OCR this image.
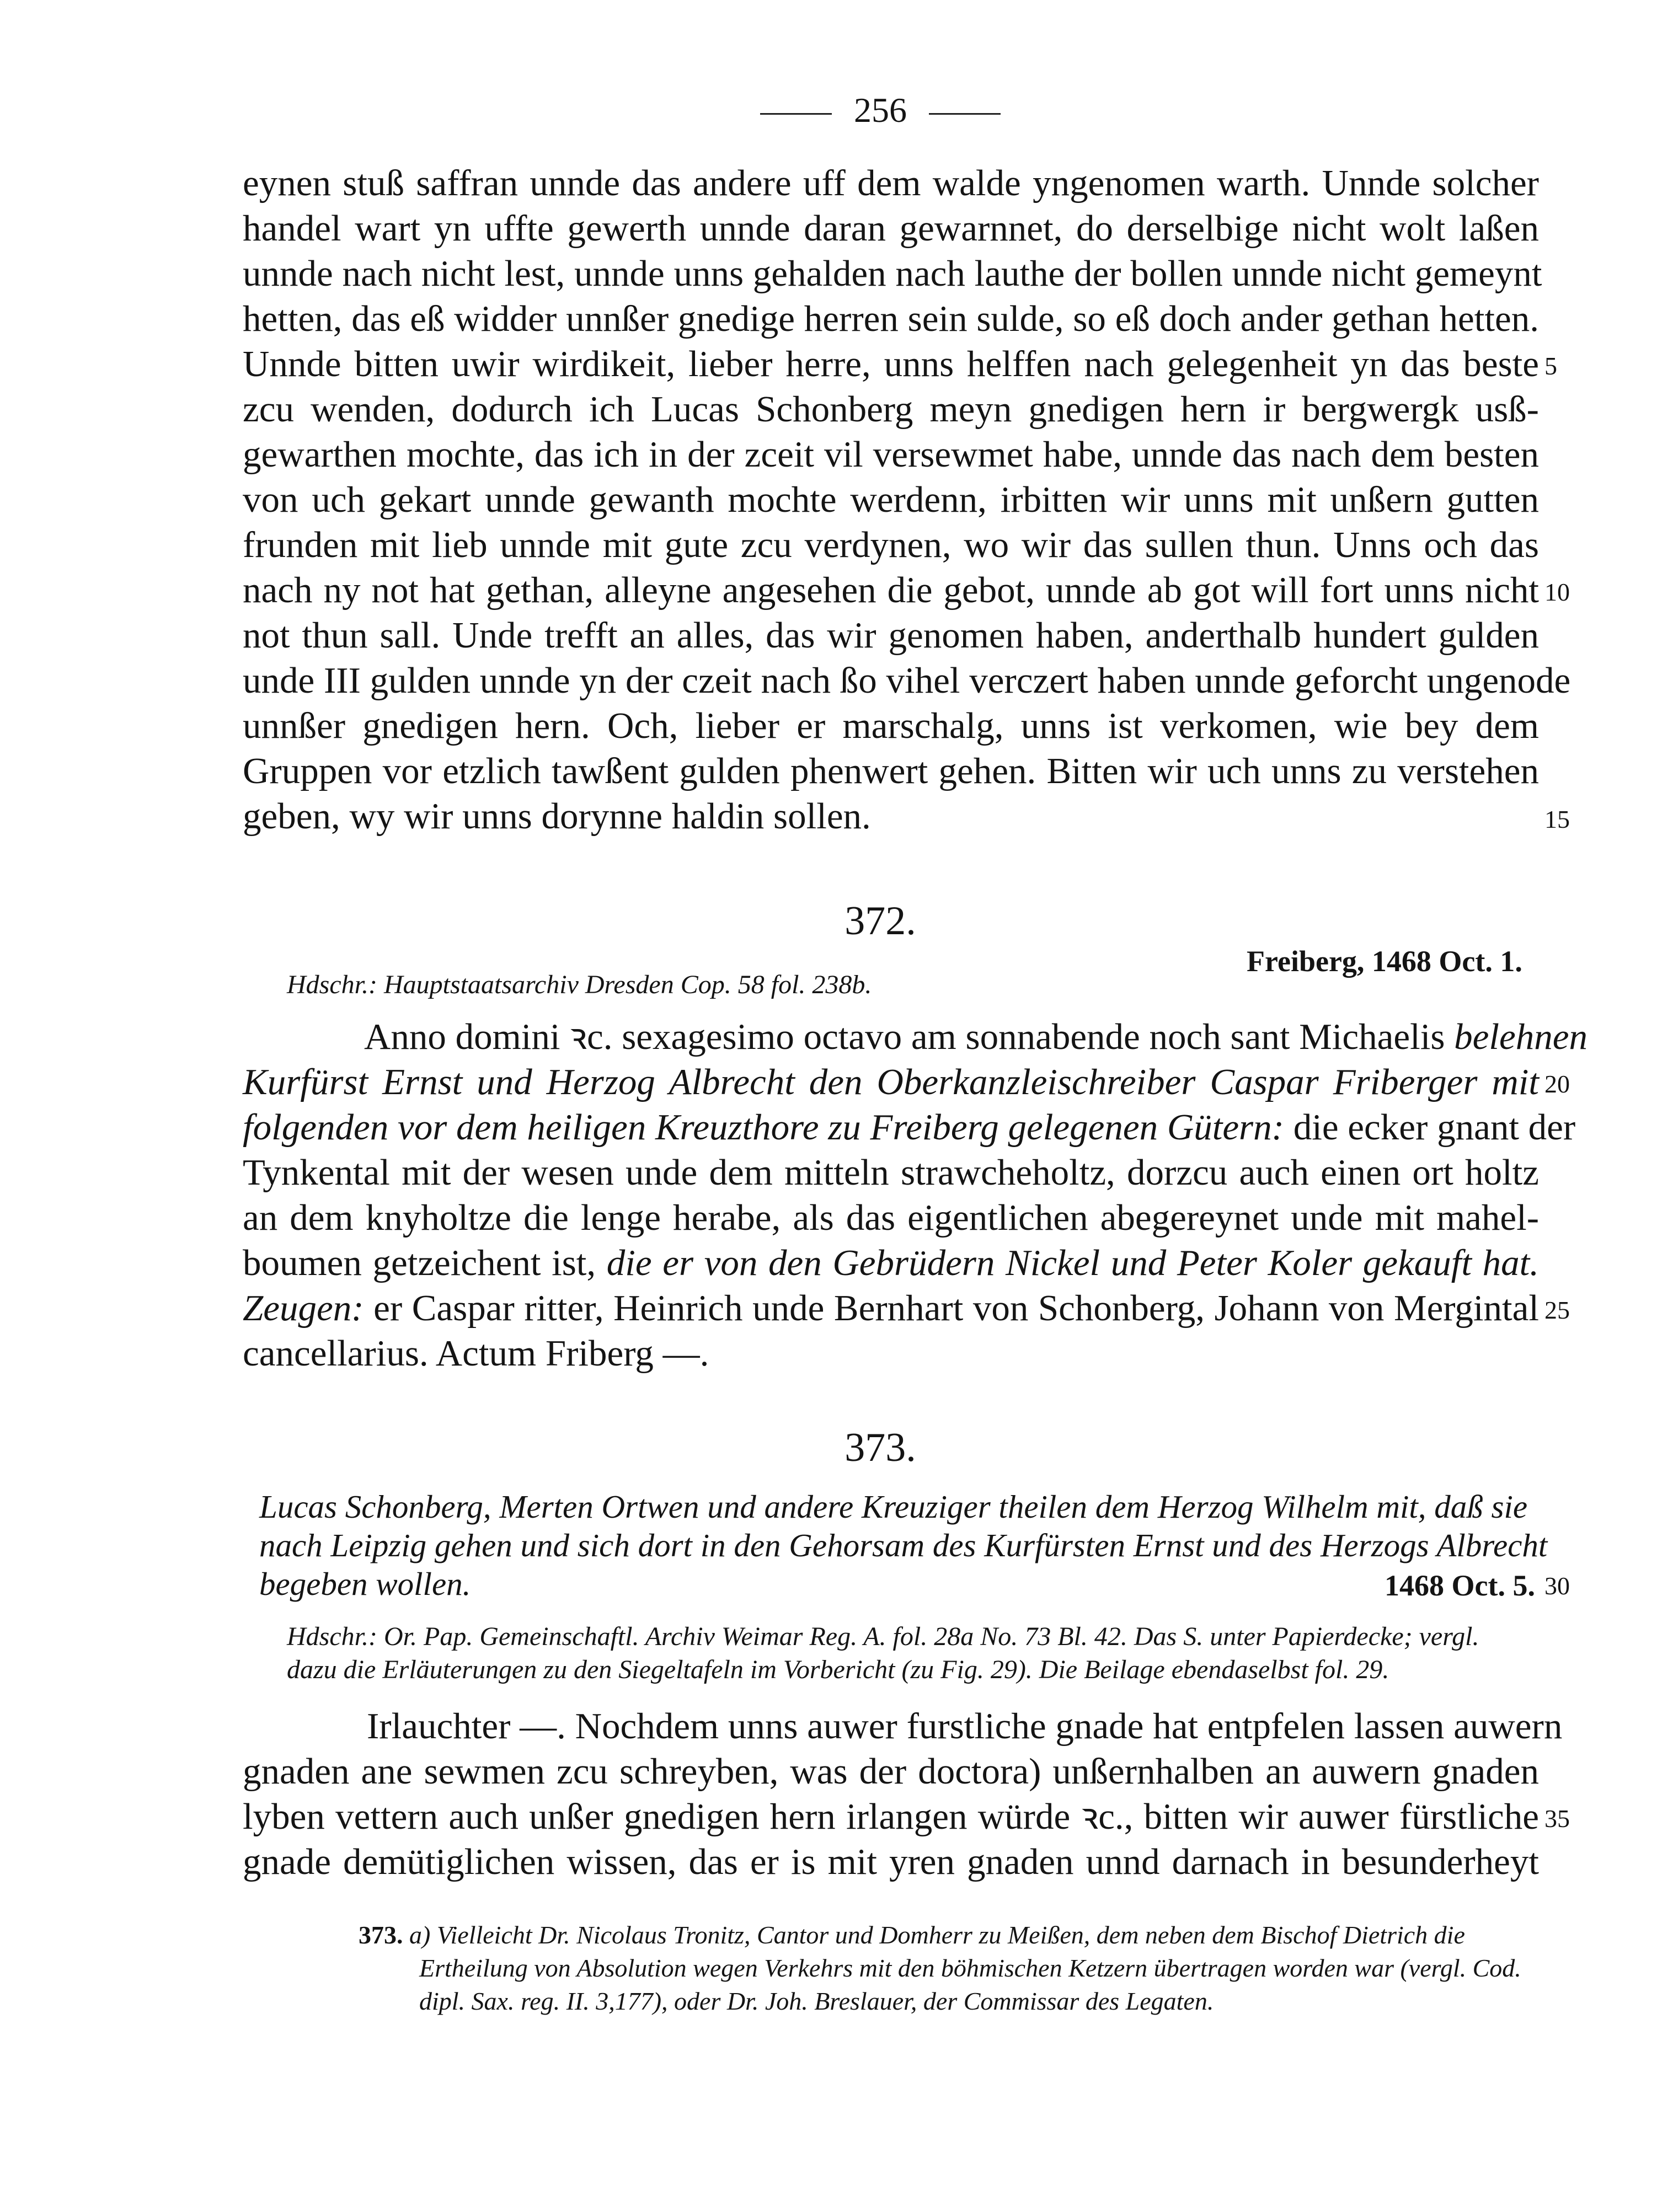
256
eynen stuß saffran unnde das andere uff dem walde yngenomen warth. Unnde solcher
handel wart yn uffte gewerth unnde daran gewarnnet, do derselbige nicht wolt laßen
unnde nach nicht lest, unnde unns gehalden nach lauthe der bollen unnde nicht gemeynt
hetten, das eß widder unnßer gnedige herren sein sulde, so eß doch ander gethan hetten.
Unnde bitten uwir wirdikeit, lieber herre, unns helffen nach gelegenheit yn das beste 5
zcu wenden, dodurch ich Lucas Schonberg meyn gnedigen hern ir bergwergk usß-
gewarthen mochte, das ich in der zceit vil versewmet habe, unnde das nach dem besten
von uch gekart unnde gewanth mochte werdenn, irbitten wir unns mit unßern gutten
frunden mit lieb unnde mit gute zcu verdynen, wo wir das sullen thun. Unns och das
nach ny not hat gethan, alleyne angesehen die gebot, unnde ab got will fort unns nicht 10
not thun sall. Unde trefft an alles, das wir genomen haben, anderthalb hundert gulden
unde III gulden unnde yn der czeit nach ßo vihel verczert haben unnde geforcht ungenode
unnßer gnedigen hern. Och, lieber er marschalg, unns ist verkomen, wie bey dem
Gruppen vor etzlich tawßent gulden phenwert gehen. Bitten wir uch unns zu verstehen
geben, wy wir unns dorynne haldin sollen.	15
372.
Freiberg, 1468 Oct. 1.
Hdschr.: Hauptstaatsarchiv Dresden Cop. 58 fol. 238b.
Anno domini ꝛc. sexagesimo octavo am sonnabende noch sant Michaelis belehnen
Kurfürst Ernst und Herzog Albrecht den Oberkanzleischreiber Caspar Friberger mit 20
folgenden vor dem heiligen Kreuzthore zu Freiberg gelegenen Gütern: die ecker gnant der
Tynkental mit der wesen unde dem mitteln strawcheholtz, dorzcu auch einen ort holtz
an dem knyholtze die lenge herabe, als das eigentlichen abegereynet unde mit mahel-
boumen getzeichent ist, die er von den Gebrüdern Nickel und Peter Koler gekauft hat.
Zeugen: er Caspar ritter, Heinrich unde Bernhart von Schonberg, Johann von Mergintal 25
cancellarius. Actum Friberg —.
373.
Lucas Schonberg, Merten Ortwen und andere Kreuziger theilen dem Herzog Wilhelm mit, daß sie
nach Leipzig gehen und sich dort in den Gehorsam des Kurfürsten Ernst und des Herzogs Albrecht
begeben wollen.	1468 Oct. 5. 30
Hdschr.: Or. Pap. Gemeinschaftl. Archiv Weimar Reg. A. fol. 28a No. 73 Bl. 42. Das S. unter Papierdecke; vergl.
dazu die Erläuterungen zu den Siegeltafeln im Vorbericht (zu Fig. 29). Die Beilage ebendaselbst fol. 29.
Irlauchter —. Nochdem unns auwer furstliche gnade hat entpfelen lassen auwern
gnaden ane sewmen zcu schreyben, was der doctora) unßernhalben an auwern gnaden
lyben vettern auch unßer gnedigen hern irlangen würde ꝛc., bitten wir auwer fürstliche 35
gnade demütiglichen wissen, das er is mit yren gnaden unnd darnach in besunderheyt
373. a) Vielleicht Dr. Nicolaus Tronitz, Cantor und Domherr zu Meißen, dem neben dem Bischof Dietrich die
Ertheilung von Absolution wegen Verkehrs mit den böhmischen Ketzern übertragen worden war (vergl. Cod.
dipl. Sax. reg. II. 3,177), oder Dr. Joh. Breslauer, der Commissar des Legaten.
